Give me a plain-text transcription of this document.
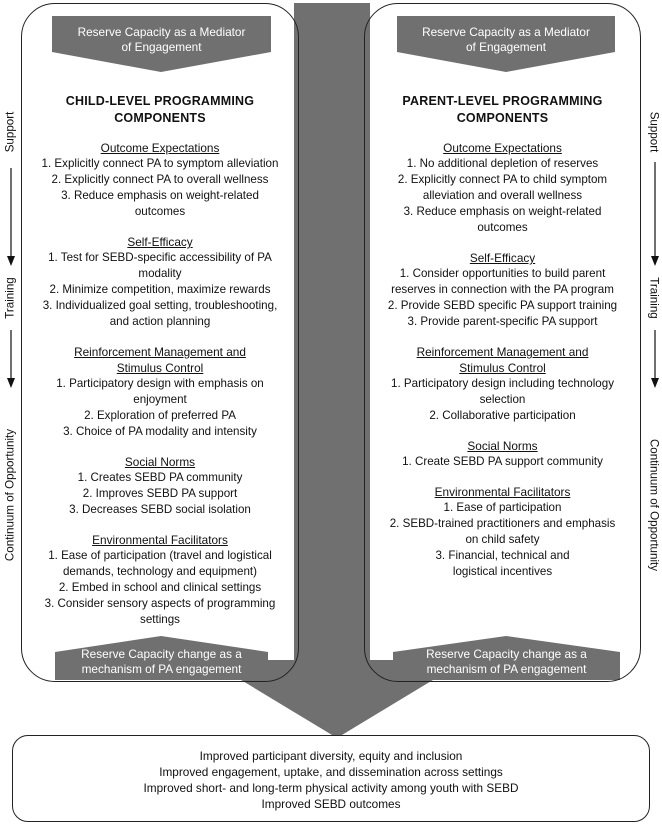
Reserve Capacity as a Mediator
of Engagement
Reserve Capacity as a Mediator
of Engagement
Reserve Capacity change as a
mechanism of PA engagement
Reserve Capacity change as a
mechanism of PA engagement
CHILD-LEVEL PROGRAMMING
COMPONENTS
PARENT-LEVEL PROGRAMMING
COMPONENTS
Outcome Expectations
1. Explicitly connect PA to symptom alleviation
2. Explicitly connect PA to overall wellness
3. Reduce emphasis on weight-related
outcomes
Self-Efficacy
1. Test for SEBD-specific accessibility of PA
modality
2. Minimize competition, maximize rewards
3. Individualized goal setting, troubleshooting,
and action planning
Reinforcement Management and
Stimulus Control
1. Participatory design with emphasis on
enjoyment
2. Exploration of preferred PA
3. Choice of PA modality and intensity
Social Norms
1. Creates SEBD PA community
2. Improves SEBD PA support
3. Decreases SEBD social isolation
Environmental Facilitators
1. Ease of participation (travel and logistical
demands, technology and equipment)
2. Embed in school and clinical settings
3. Consider sensory aspects of programming
settings
Outcome Expectations
1. No additional depletion of reserves
2. Explicitly connect PA to child symptom
alleviation and overall wellness
3. Reduce emphasis on weight-related
outcomes
Self-Efficacy
1. Consider opportunities to build parent
reserves in connection with the PA program
2. Provide SEBD specific PA support training
3. Provide parent-specific PA support
Reinforcement Management and
Stimulus Control
1. Participatory design including technology
selection
2. Collaborative participation
Social Norms
1. Create SEBD PA support community
Environmental Facilitators
1. Ease of participation
2. SEBD-trained practitioners and emphasis
on child safety
3. Financial, technical and
logistical incentives
Support
Training
Continuum of Opportunity
Support
Training
Continuum of Opportunity
Improved participant diversity, equity and inclusion
Improved engagement, uptake, and dissemination across settings
Improved short- and long-term physical activity among youth with SEBD
Improved SEBD outcomes
